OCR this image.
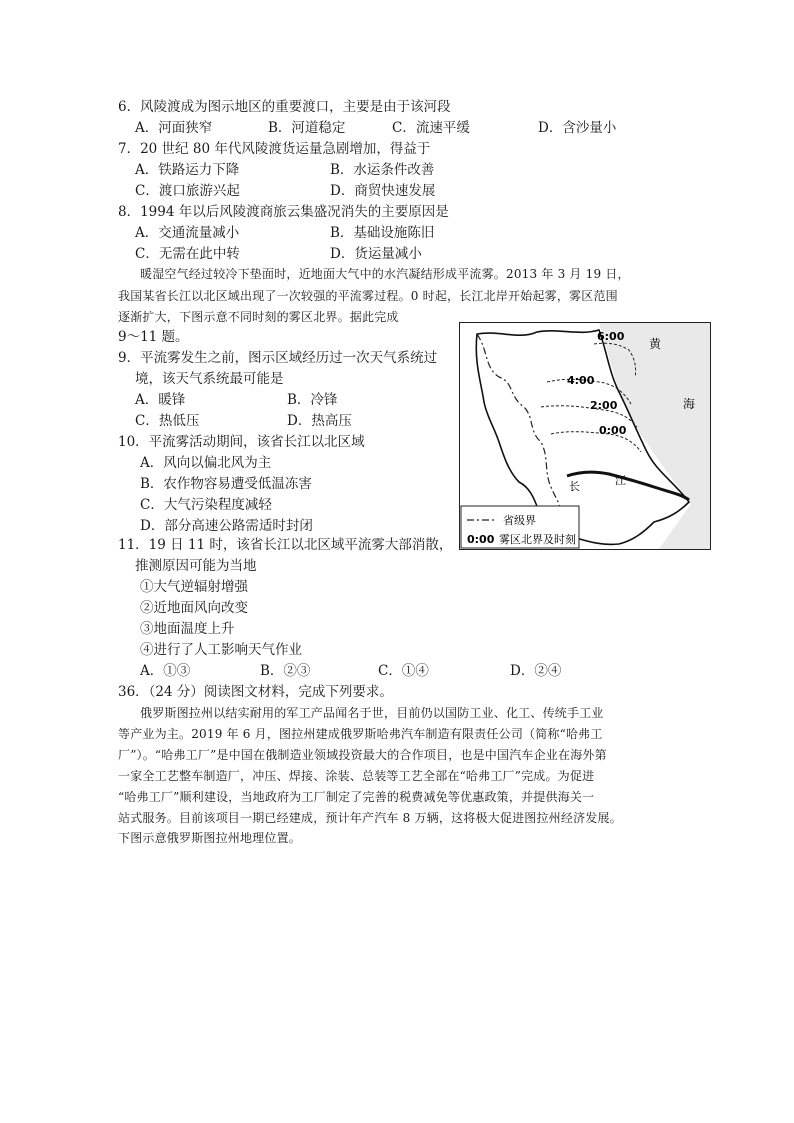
6．风陵渡成为图示地区的重要渡口，主要是由于该河段
A．河面狭窄	B．河道稳定	C．流速平缓	D．含沙量小
7．20 世纪 80 年代风陵渡货运量急剧增加，得益于
A．铁路运力下降	B．水运条件改善
C．渡口旅游兴起	D．商贸快速发展
8．1994 年以后风陵渡商旅云集盛况消失的主要原因是
A．交通流量减小	B．基础设施陈旧
C．无需在此中转	D．货运量减小
暖湿空气经过较冷下垫面时，近地面大气中的水汽凝结形成平流雾。2013 年 3 月 19 日，
我国某省长江以北区域出现了一次较强的平流雾过程。0 时起，长江北岸开始起雾，雾区范围
逐渐扩大，下图示意不同时刻的雾区北界。据此完成
9～11 题。
9．平流雾发生之前，图示区域经历过一次天气系统过
境，该天气系统最可能是
A．暖锋	B．冷锋
C．热低压	D．热高压
10．平流雾活动期间，该省长江以北区域
A．风向以偏北风为主
B．农作物容易遭受低温冻害
C．大气污染程度减轻
D．部分高速公路需适时封闭
11．19 日 11 时，该省长江以北区域平流雾大部消散，
推测原因可能为当地
①大气逆辐射增强
②近地面风向改变
③地面温度上升
④进行了人工影响天气作业
A．①③	B．②③	C．①④	D．②④
36．（24 分）阅读图文材料，完成下列要求。
俄罗斯图拉州以结实耐用的军工产品闻名于世，目前仍以国防工业、化工、传统手工业
等产业为主。2019 年 6 月，图拉州建成俄罗斯哈弗汽车制造有限责任公司（简称“哈弗工
厂”）。“哈弗工厂”是中国在俄制造业领域投资最大的合作项目，也是中国汽车企业在海外第
一家全工艺整车制造厂，冲压、焊接、涂装、总装等工艺全部在“哈弗工厂”完成。为促进
“哈弗工厂”顺利建设，当地政府为工厂制定了完善的税费减免等优惠政策，并提供海关一
站式服务。目前该项目一期已经建成，预计年产汽车 8 万辆，这将极大促进图拉州经济发展。
下图示意俄罗斯图拉州地理位置。
黄
海
6:00
4:00
2:00
0:00
长	江
省级界
0:00 雾区北界及时刻
